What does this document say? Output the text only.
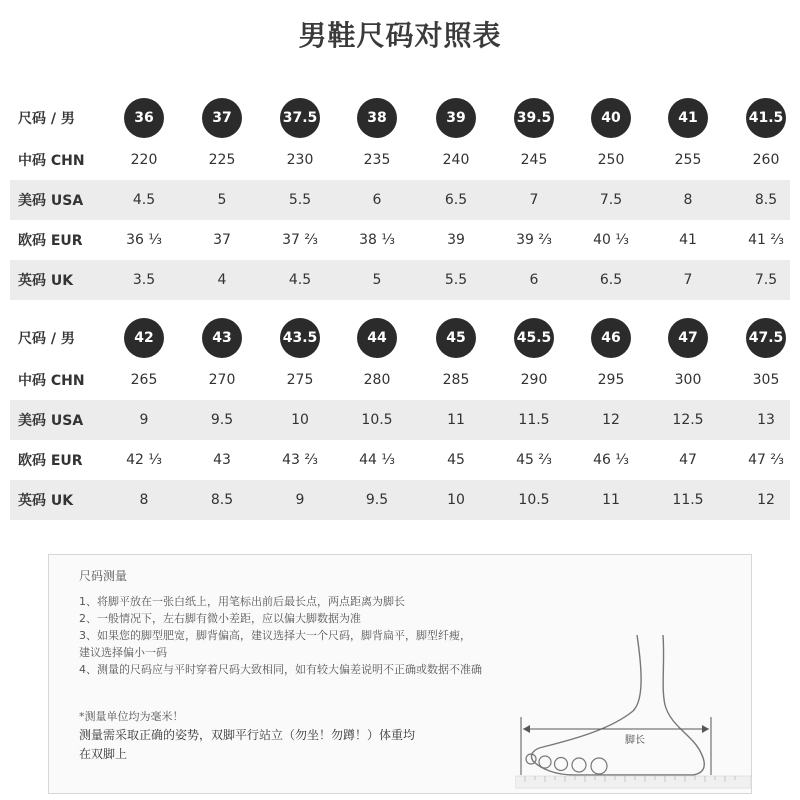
男鞋尺码对照表
尺码 / 男	36	37	37.5	38	39	39.5	40	41	41.5
中码 CHN	220	225	230	235	240	245	250	255	260
美码 USA	4.5	5	5.5	6	6.5	7	7.5	8	8.5
欧码 EUR	36 ⅓	37	37 ⅔	38 ⅓	39	39 ⅔	40 ⅓	41	41 ⅔
英码 UK	3.5	4	4.5	5	5.5	6	6.5	7	7.5
尺码 / 男	42	43	43.5	44	45	45.5	46	47	47.5
中码 CHN	265	270	275	280	285	290	295	300	305
美码 USA	9	9.5	10	10.5	11	11.5	12	12.5	13
欧码 EUR	42 ⅓	43	43 ⅔	44 ⅓	45	45 ⅔	46 ⅓	47	47 ⅔
英码 UK	8	8.5	9	9.5	10	10.5	11	11.5	12
尺码测量
1、将脚平放在一张白纸上，用笔标出前后最长点，两点距离为脚长
2、一般情况下，左右脚有微小差距，应以偏大脚数据为准
3、如果您的脚型肥宽，脚背偏高，建议选择大一个尺码，脚背扁平，脚型纤瘦，
建议选择偏小一码
4、测量的尺码应与平时穿着尺码大致相同，如有较大偏差说明不正确或数据不准确
*测量单位均为毫米！
测量需采取正确的姿势，双脚平行站立（勿坐！勿蹲！）体重均
在双脚上
脚长
